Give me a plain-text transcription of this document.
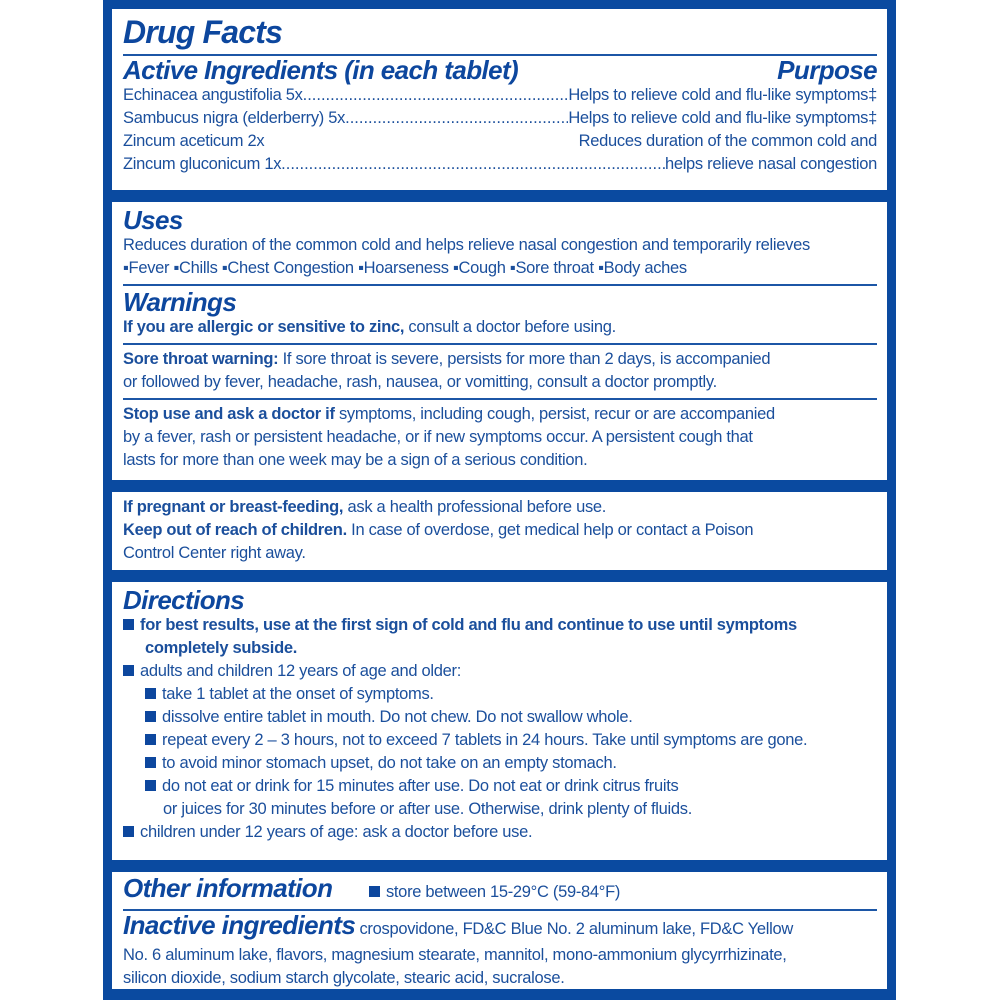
Drug Facts
Active Ingredients (in each tablet)	Purpose
Echinacea angustifolia 5x .....	Helps to relieve cold and flu-like symptoms‡
Sambucus nigra (elderberry) 5x .....	Helps to relieve cold and flu-like symptoms‡
Zincum aceticum 2x	Reduces duration of the common cold and
Zincum gluconicum 1x .....	helps relieve nasal congestion
Uses
Reduces duration of the common cold and helps relieve nasal congestion and temporarily relieves
▪Fever ▪Chills ▪Chest Congestion ▪Hoarseness ▪Cough ▪Sore throat ▪Body aches
Warnings
If you are allergic or sensitive to zinc, consult a doctor before using.
Sore throat warning: If sore throat is severe, persists for more than 2 days, is accompanied
or followed by fever, headache, rash, nausea, or vomitting, consult a doctor promptly.
Stop use and ask a doctor if symptoms, including cough, persist, recur or are accompanied
by a fever, rash or persistent headache, or if new symptoms occur. A persistent cough that
lasts for more than one week may be a sign of a serious condition.
If pregnant or breast-feeding, ask a health professional before use.
Keep out of reach of children. In case of overdose, get medical help or contact a Poison
Control Center right away.
Directions
for best results, use at the first sign of cold and flu and continue to use until symptoms
completely subside.
adults and children 12 years of age and older:
take 1 tablet at the onset of symptoms.
dissolve entire tablet in mouth. Do not chew. Do not swallow whole.
repeat every 2 – 3 hours, not to exceed 7 tablets in 24 hours. Take until symptoms are gone.
to avoid minor stomach upset, do not take on an empty stomach.
do not eat or drink for 15 minutes after use. Do not eat or drink citrus fruits
or juices for 30 minutes before or after use. Otherwise, drink plenty of fluids.
children under 12 years of age: ask a doctor before use.
Other information	store between 15-29°C (59-84°F)
Inactive ingredients crospovidone, FD&C Blue No. 2 aluminum lake, FD&C Yellow
No. 6 aluminum lake, flavors, magnesium stearate, mannitol, mono-ammonium glycyrrhizinate,
silicon dioxide, sodium starch glycolate, stearic acid, sucralose.
